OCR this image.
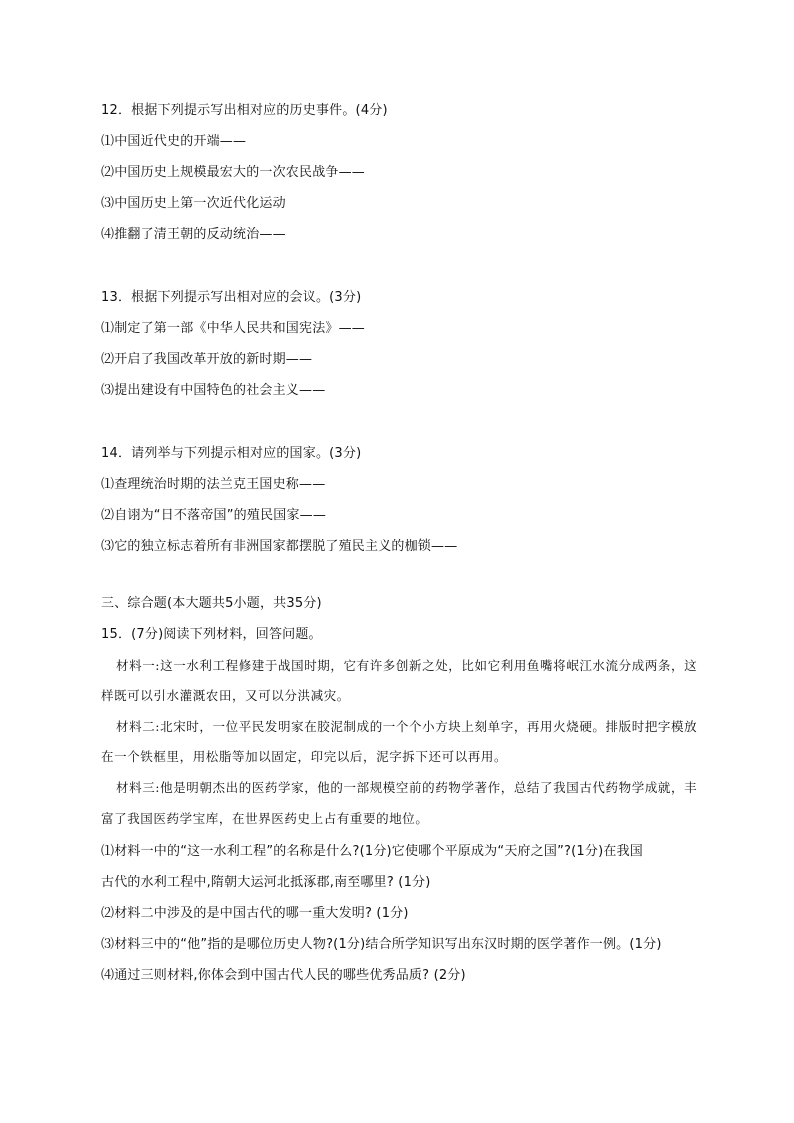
12．根据下列提示写出相对应的历史事件。(4分)
⑴中国近代史的开端——
⑵中国历史上规模最宏大的一次农民战争——
⑶中国历史上第一次近代化运动
⑷推翻了清王朝的反动统治——
13．根据下列提示写出相对应的会议。(3分)
⑴制定了第一部《中华人民共和国宪法》——
⑵开启了我国改革开放的新时期——
⑶提出建设有中国特色的社会主义——
14．请列举与下列提示相对应的国家。(3分)
⑴查理统治时期的法兰克王国史称——
⑵自诩为“日不落帝国”的殖民国家——
⑶它的独立标志着所有非洲国家都摆脱了殖民主义的枷锁——
三、综合题(本大题共5小题，共35分)
15．(7分)阅读下列材料，回答问题。
材料一:这一水利工程修建于战国时期，它有许多创新之处，比如它利用鱼嘴将岷江水流分成两条，这
样既可以引水灌溉农田，又可以分洪减灾。
材料二:北宋时，一位平民发明家在胶泥制成的一个个小方块上刻单字，再用火烧硬。排版时把字模放
在一个铁框里，用松脂等加以固定，印完以后，泥字拆下还可以再用。
材料三:他是明朝杰出的医药学家，他的一部规模空前的药物学著作，总结了我国古代药物学成就，丰
富了我国医药学宝库，在世界医药史上占有重要的地位。
⑴材料一中的“这一水利工程”的名称是什么?(1分)它使哪个平原成为“天府之国”?(1分)在我国
古代的水利工程中,隋朝大运河北抵涿郡,南至哪里? (1分)
⑵材料二中涉及的是中国古代的哪一重大发明? (1分)
⑶材料三中的“他”指的是哪位历史人物?(1分)结合所学知识写出东汉时期的医学著作一例。(1分)
⑷通过三则材料,你体会到中国古代人民的哪些优秀品质? (2分)
